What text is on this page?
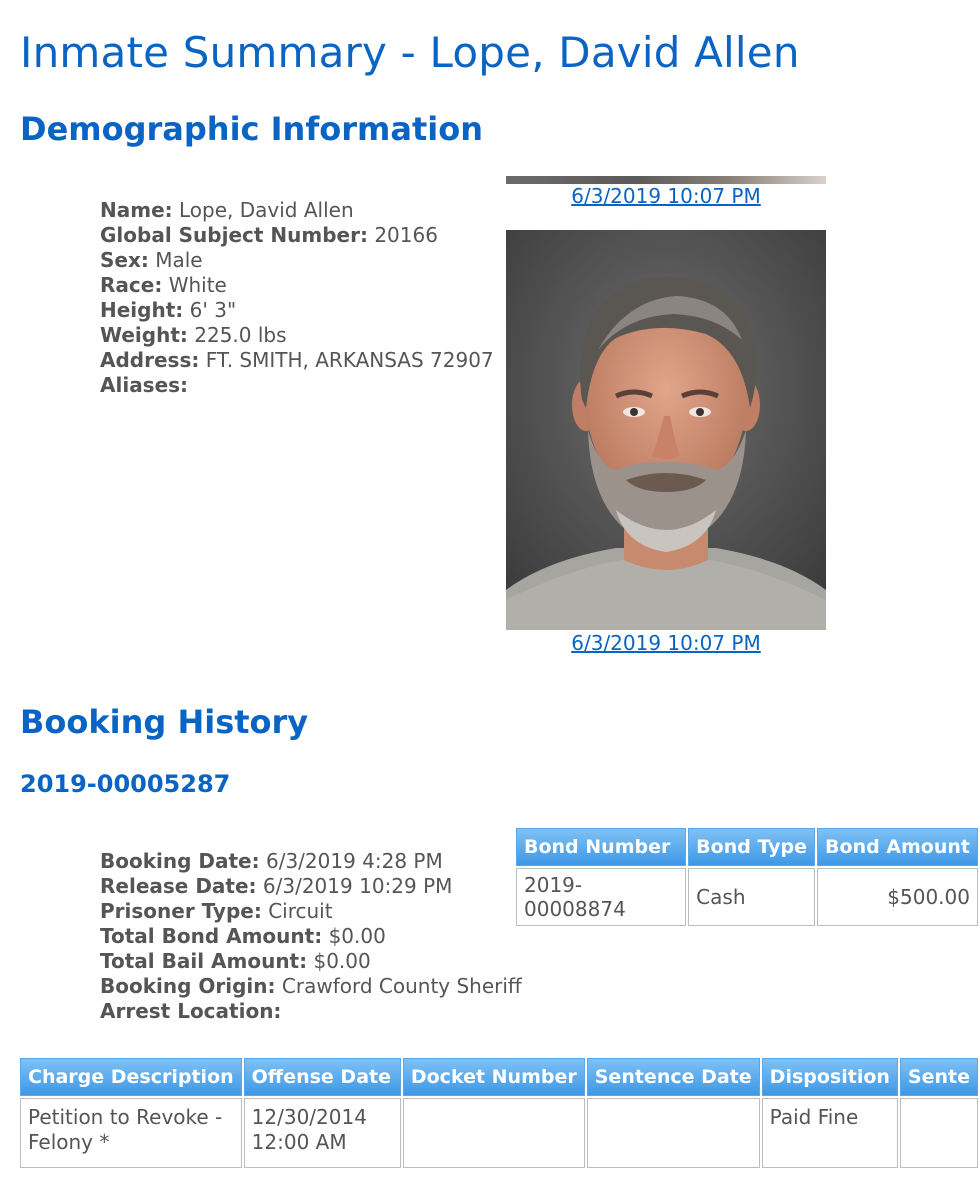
Inmate Summary - Lope, David Allen
Demographic Information
Name: Lope, David Allen
Global Subject Number: 20166
Sex: Male
Race: White
Height: 6' 3"
Weight: 225.0 lbs
Address: FT. SMITH, ARKANSAS 72907
Aliases:
6/3/2019 10:07 PM
6/3/2019 10:07 PM
Booking History
2019-00005287
Booking Date: 6/3/2019 4:28 PM
Release Date: 6/3/2019 10:29 PM
Prisoner Type: Circuit
Total Bond Amount: $0.00
Total Bail Amount: $0.00
Booking Origin: Crawford County Sheriff
Arrest Location:
Bond Number	Bond Type	Bond Amount
2019-00008874	Cash	$500.00
Charge Description	Offense Date	Docket Number	Sentence Date	Disposition	Sente
Petition to Revoke - Felony *	12/30/2014 12:00 AM			Paid Fine	
